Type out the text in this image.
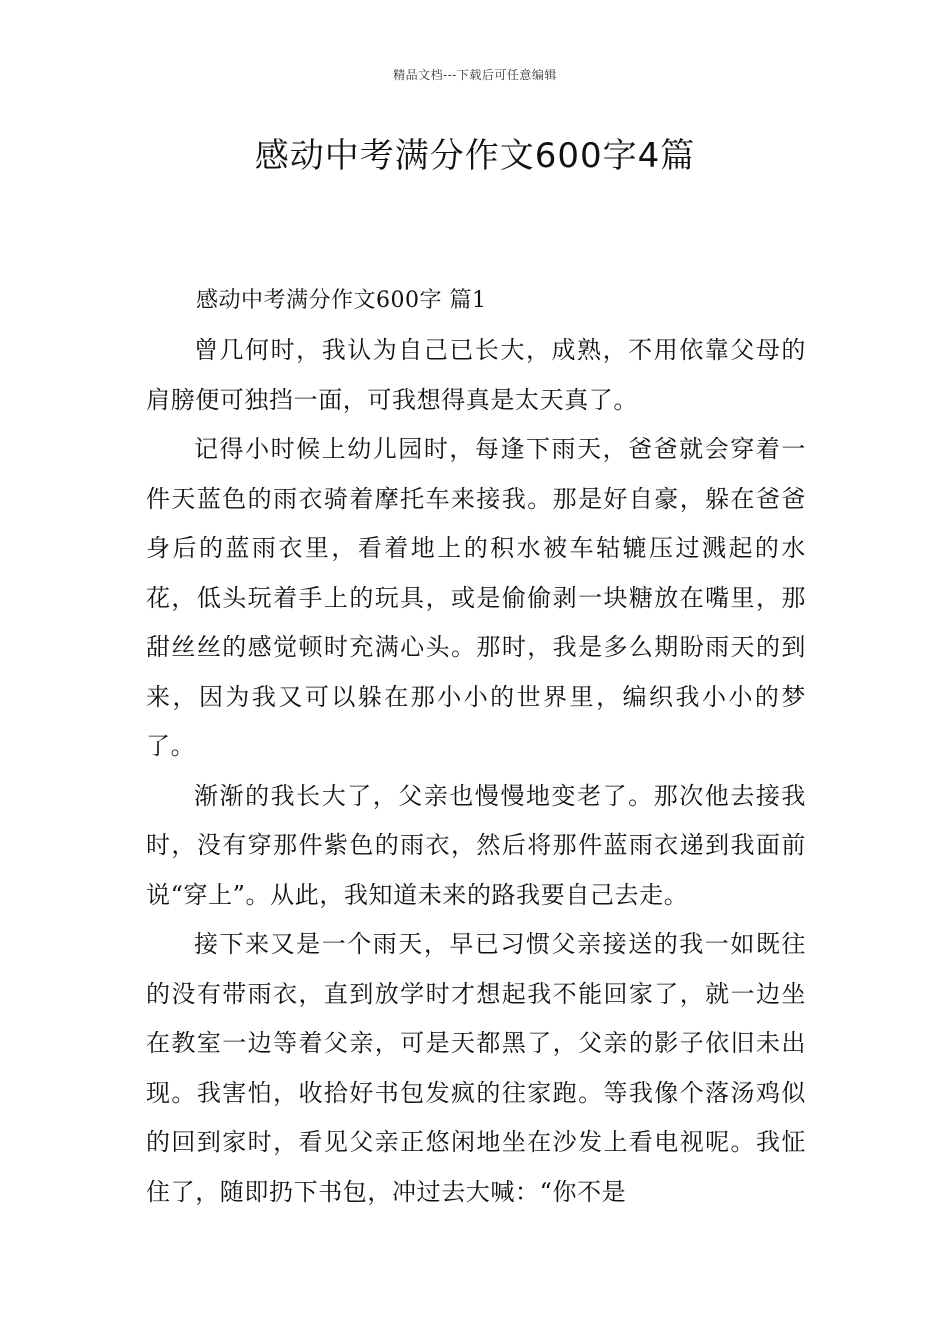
精品文档---下载后可任意编辑
感动中考满分作文600字4篇
感动中考满分作文600字 篇1

曾几何时，我认为自己已长大，成熟，不用依靠父母的肩膀便可独挡一面，可我想得真是太天真了。

记得小时候上幼儿园时，每逢下雨天，爸爸就会穿着一件天蓝色的雨衣骑着摩托车来接我。那是好自豪，躲在爸爸身后的蓝雨衣里，看着地上的积水被车轱辘压过溅起的水花，低头玩着手上的玩具，或是偷偷剥一块糖放在嘴里，那甜丝丝的感觉顿时充满心头。那时，我是多么期盼雨天的到来，因为我又可以躲在那小小的世界里，编织我小小的梦了。

渐渐的我长大了，父亲也慢慢地变老了。那次他去接我时，没有穿那件紫色的雨衣，然后将那件蓝雨衣递到我面前说“穿上”。从此，我知道未来的路我要自己去走。

接下来又是一个雨天，早已习惯父亲接送的我一如既往的没有带雨衣，直到放学时才想起我不能回家了，就一边坐在教室一边等着父亲，可是天都黑了，父亲的影子依旧未出现。我害怕，收拾好书包发疯的往家跑。等我像个落汤鸡似的回到家时，看见父亲正悠闲地坐在沙发上看电视呢。我怔住了，随即扔下书包，冲过去大喊：“你不是
